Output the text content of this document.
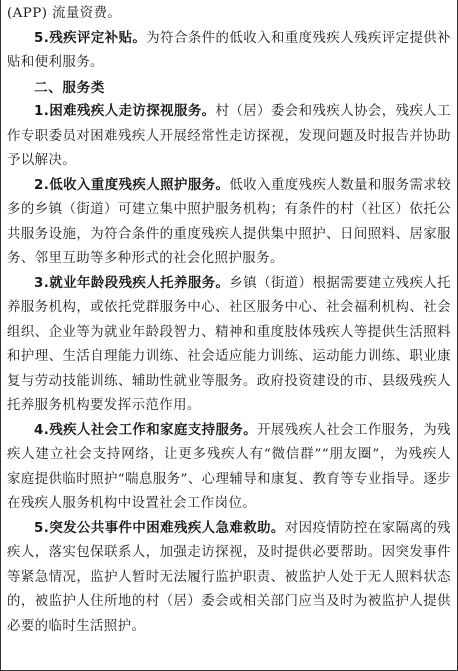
(APP) 流量资费。

5.残疾评定补贴。为符合条件的低收入和重度残疾人残疾评定提供补贴和便利服务。

二、服务类

1.困难残疾人走访探视服务。村（居）委会和残疾人协会，残疾人工作专职委员对困难残疾人开展经常性走访探视，发现问题及时报告并协助予以解决。

2.低收入重度残疾人照护服务。低收入重度残疾人数量和服务需求较多的乡镇（街道）可建立集中照护服务机构；有条件的村（社区）依托公共服务设施，为符合条件的重度残疾人提供集中照护、日间照料、居家服务、邻里互助等多种形式的社会化照护服务。

3.就业年龄段残疾人托养服务。乡镇（街道）根据需要建立残疾人托养服务机构，或依托党群服务中心、社区服务中心、社会福利机构、社会组织、企业等为就业年龄段智力、精神和重度肢体残疾人等提供生活照料和护理、生活自理能力训练、社会适应能力训练、运动能力训练、职业康复与劳动技能训练、辅助性就业等服务。政府投资建设的市、县级残疾人托养服务机构要发挥示范作用。

4.残疾人社会工作和家庭支持服务。开展残疾人社会工作服务，为残疾人建立社会支持网络，让更多残疾人有“微信群”“朋友圈”，为残疾人家庭提供临时照护“喘息服务”、心理辅导和康复、教育等专业指导。逐步在残疾人服务机构中设置社会工作岗位。

5.突发公共事件中困难残疾人急难救助。对因疫情防控在家隔离的残疾人，落实包保联系人，加强走访探视，及时提供必要帮助。因突发事件等紧急情况，监护人暂时无法履行监护职责、被监护人处于无人照料状态的，被监护人住所地的村（居）委会或相关部门应当及时为被监护人提供必要的临时生活照护。
